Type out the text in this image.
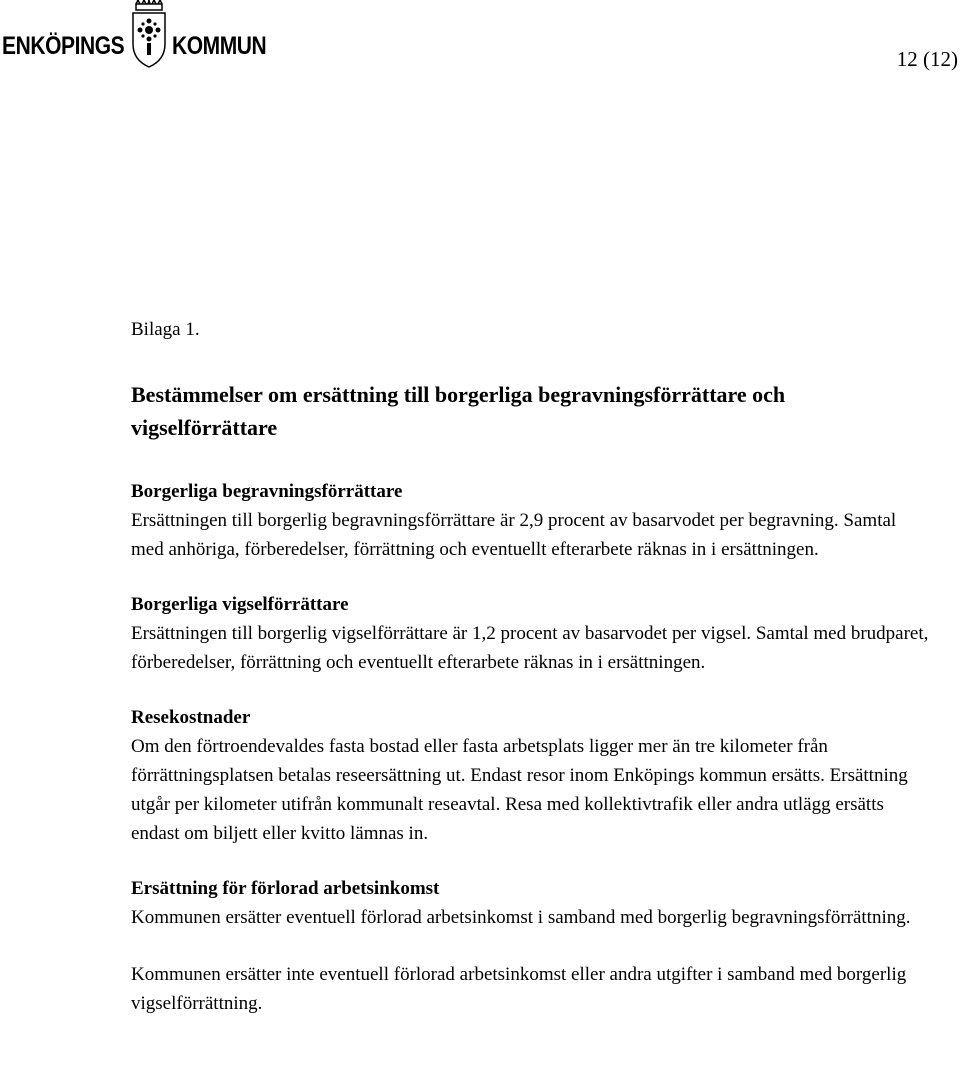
ENKÖPINGS KOMMUN	12 (12)

Bilaga 1.

Bestämmelser om ersättning till borgerliga begravningsförrättare och vigselförrättare

Borgerliga begravningsförrättare

Ersättningen till borgerlig begravningsförrättare är 2,9 procent av basarvodet per begravning. Samtal med anhöriga, förberedelser, förrättning och eventuellt efterarbete räknas in i ersättningen.

Borgerliga vigselförrättare

Ersättningen till borgerlig vigselförrättare är 1,2 procent av basarvodet per vigsel. Samtal med brudparet, förberedelser, förrättning och eventuellt efterarbete räknas in i ersättningen.

Resekostnader

Om den förtroendevaldes fasta bostad eller fasta arbetsplats ligger mer än tre kilometer från förrättningsplatsen betalas reseersättning ut. Endast resor inom Enköpings kommun ersätts. Ersättning utgår per kilometer utifrån kommunalt reseavtal. Resa med kollektivtrafik eller andra utlägg ersätts endast om biljett eller kvitto lämnas in.

Ersättning för förlorad arbetsinkomst

Kommunen ersätter eventuell förlorad arbetsinkomst i samband med borgerlig begravningsförrättning.

Kommunen ersätter inte eventuell förlorad arbetsinkomst eller andra utgifter i samband med borgerlig vigselförrättning.
